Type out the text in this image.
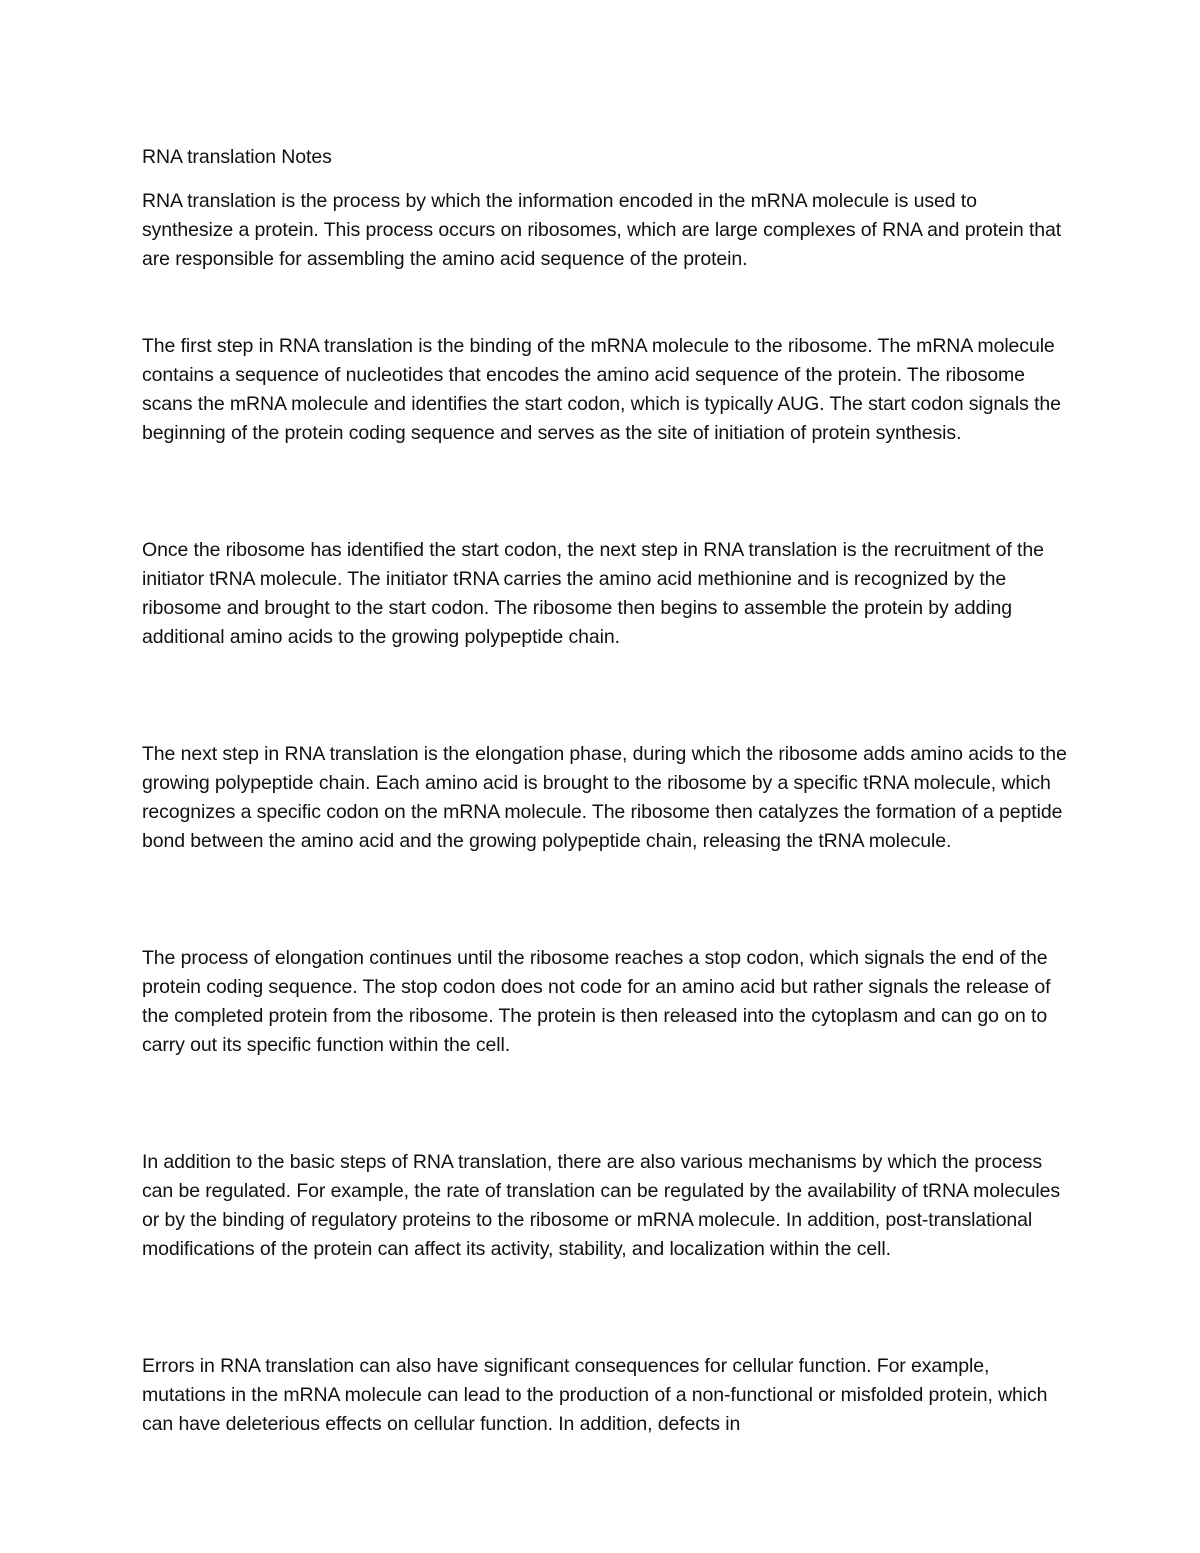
RNA translation Notes

RNA translation is the process by which the information encoded in the mRNA molecule is used to synthesize a protein. This process occurs on ribosomes, which are large complexes of RNA and protein that are responsible for assembling the amino acid sequence of the protein.

The first step in RNA translation is the binding of the mRNA molecule to the ribosome. The mRNA molecule contains a sequence of nucleotides that encodes the amino acid sequence of the protein. The ribosome scans the mRNA molecule and identifies the start codon, which is typically AUG. The start codon signals the beginning of the protein coding sequence and serves as the site of initiation of protein synthesis.

Once the ribosome has identified the start codon, the next step in RNA translation is the recruitment of the initiator tRNA molecule. The initiator tRNA carries the amino acid methionine and is recognized by the ribosome and brought to the start codon. The ribosome then begins to assemble the protein by adding additional amino acids to the growing polypeptide chain.

The next step in RNA translation is the elongation phase, during which the ribosome adds amino acids to the growing polypeptide chain. Each amino acid is brought to the ribosome by a specific tRNA molecule, which recognizes a specific codon on the mRNA molecule. The ribosome then catalyzes the formation of a peptide bond between the amino acid and the growing polypeptide chain, releasing the tRNA molecule.

The process of elongation continues until the ribosome reaches a stop codon, which signals the end of the protein coding sequence. The stop codon does not code for an amino acid but rather signals the release of the completed protein from the ribosome. The protein is then released into the cytoplasm and can go on to carry out its specific function within the cell.

In addition to the basic steps of RNA translation, there are also various mechanisms by which the process can be regulated. For example, the rate of translation can be regulated by the availability of tRNA molecules or by the binding of regulatory proteins to the ribosome or mRNA molecule. In addition, post-translational modifications of the protein can affect its activity, stability, and localization within the cell.

Errors in RNA translation can also have significant consequences for cellular function. For example, mutations in the mRNA molecule can lead to the production of a non-functional or misfolded protein, which can have deleterious effects on cellular function. In addition, defects in
